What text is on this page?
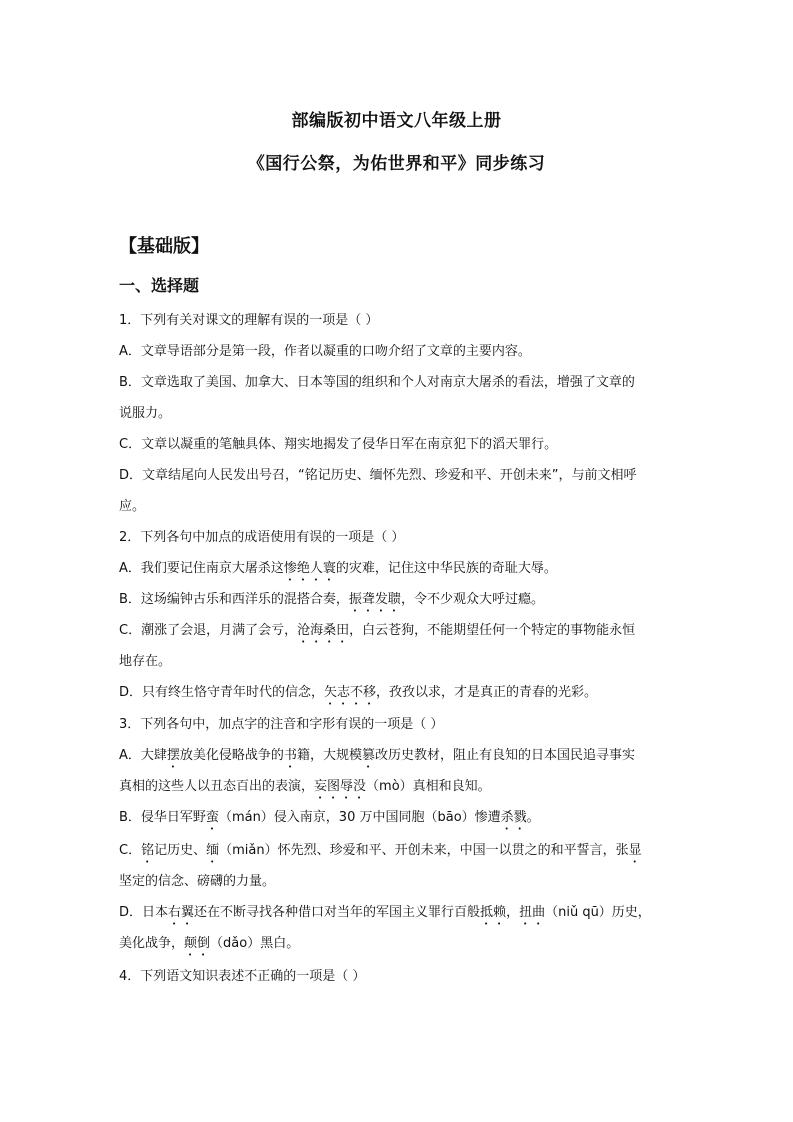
部编版初中语文八年级上册
《国行公祭，为佑世界和平》同步练习
【基础版】
一、选择题
1．下列有关对课文的理解有误的一项是（ ）
A．文章导语部分是第一段，作者以凝重的口吻介绍了文章的主要内容。
B．文章选取了美国、加拿大、日本等国的组织和个人对南京大屠杀的看法，增强了文章的
说服力。
C．文章以凝重的笔触具体、翔实地揭发了侵华日军在南京犯下的滔天罪行。
D．文章结尾向人民发出号召，“铭记历史、缅怀先烈、珍爱和平、开创未来”，与前文相呼
应。
2．下列各句中加点的成语使用有误的一项是（ ）
A．我们要记住南京大屠杀这惨绝人寰的灾难，记住这中华民族的奇耻大辱。
B．这场编钟古乐和西洋乐的混搭合奏，振聋发聩，令不少观众大呼过瘾。
C．潮涨了会退，月满了会亏，沧海桑田，白云苍狗，不能期望任何一个特定的事物能永恒
地存在。
D．只有终生恪守青年时代的信念，矢志不移，孜孜以求，才是真正的青春的光彩。
3．下列各句中，加点字的注音和字形有误的一项是（ ）
A．大肆摆放美化侵略战争的书籍，大规模篡改历史教材，阻止有良知的日本国民追寻事实
真相的这些人以丑态百出的表演，妄图辱没（mò）真相和良知。
B．侵华日军野蛮（mán）侵入南京，30 万中国同胞（bāo）惨遭杀戮。
C．铭记历史、缅（miǎn）怀先烈、珍爱和平、开创未来，中国一以贯之的和平誓言，张显
坚定的信念、磅礴的力量。
D．日本右翼还在不断寻找各种借口对当年的军国主义罪行百般抵赖，扭曲（niǔ qū）历史，
美化战争，颠倒（dǎo）黑白。
4．下列语文知识表述不正确的一项是（ ）
